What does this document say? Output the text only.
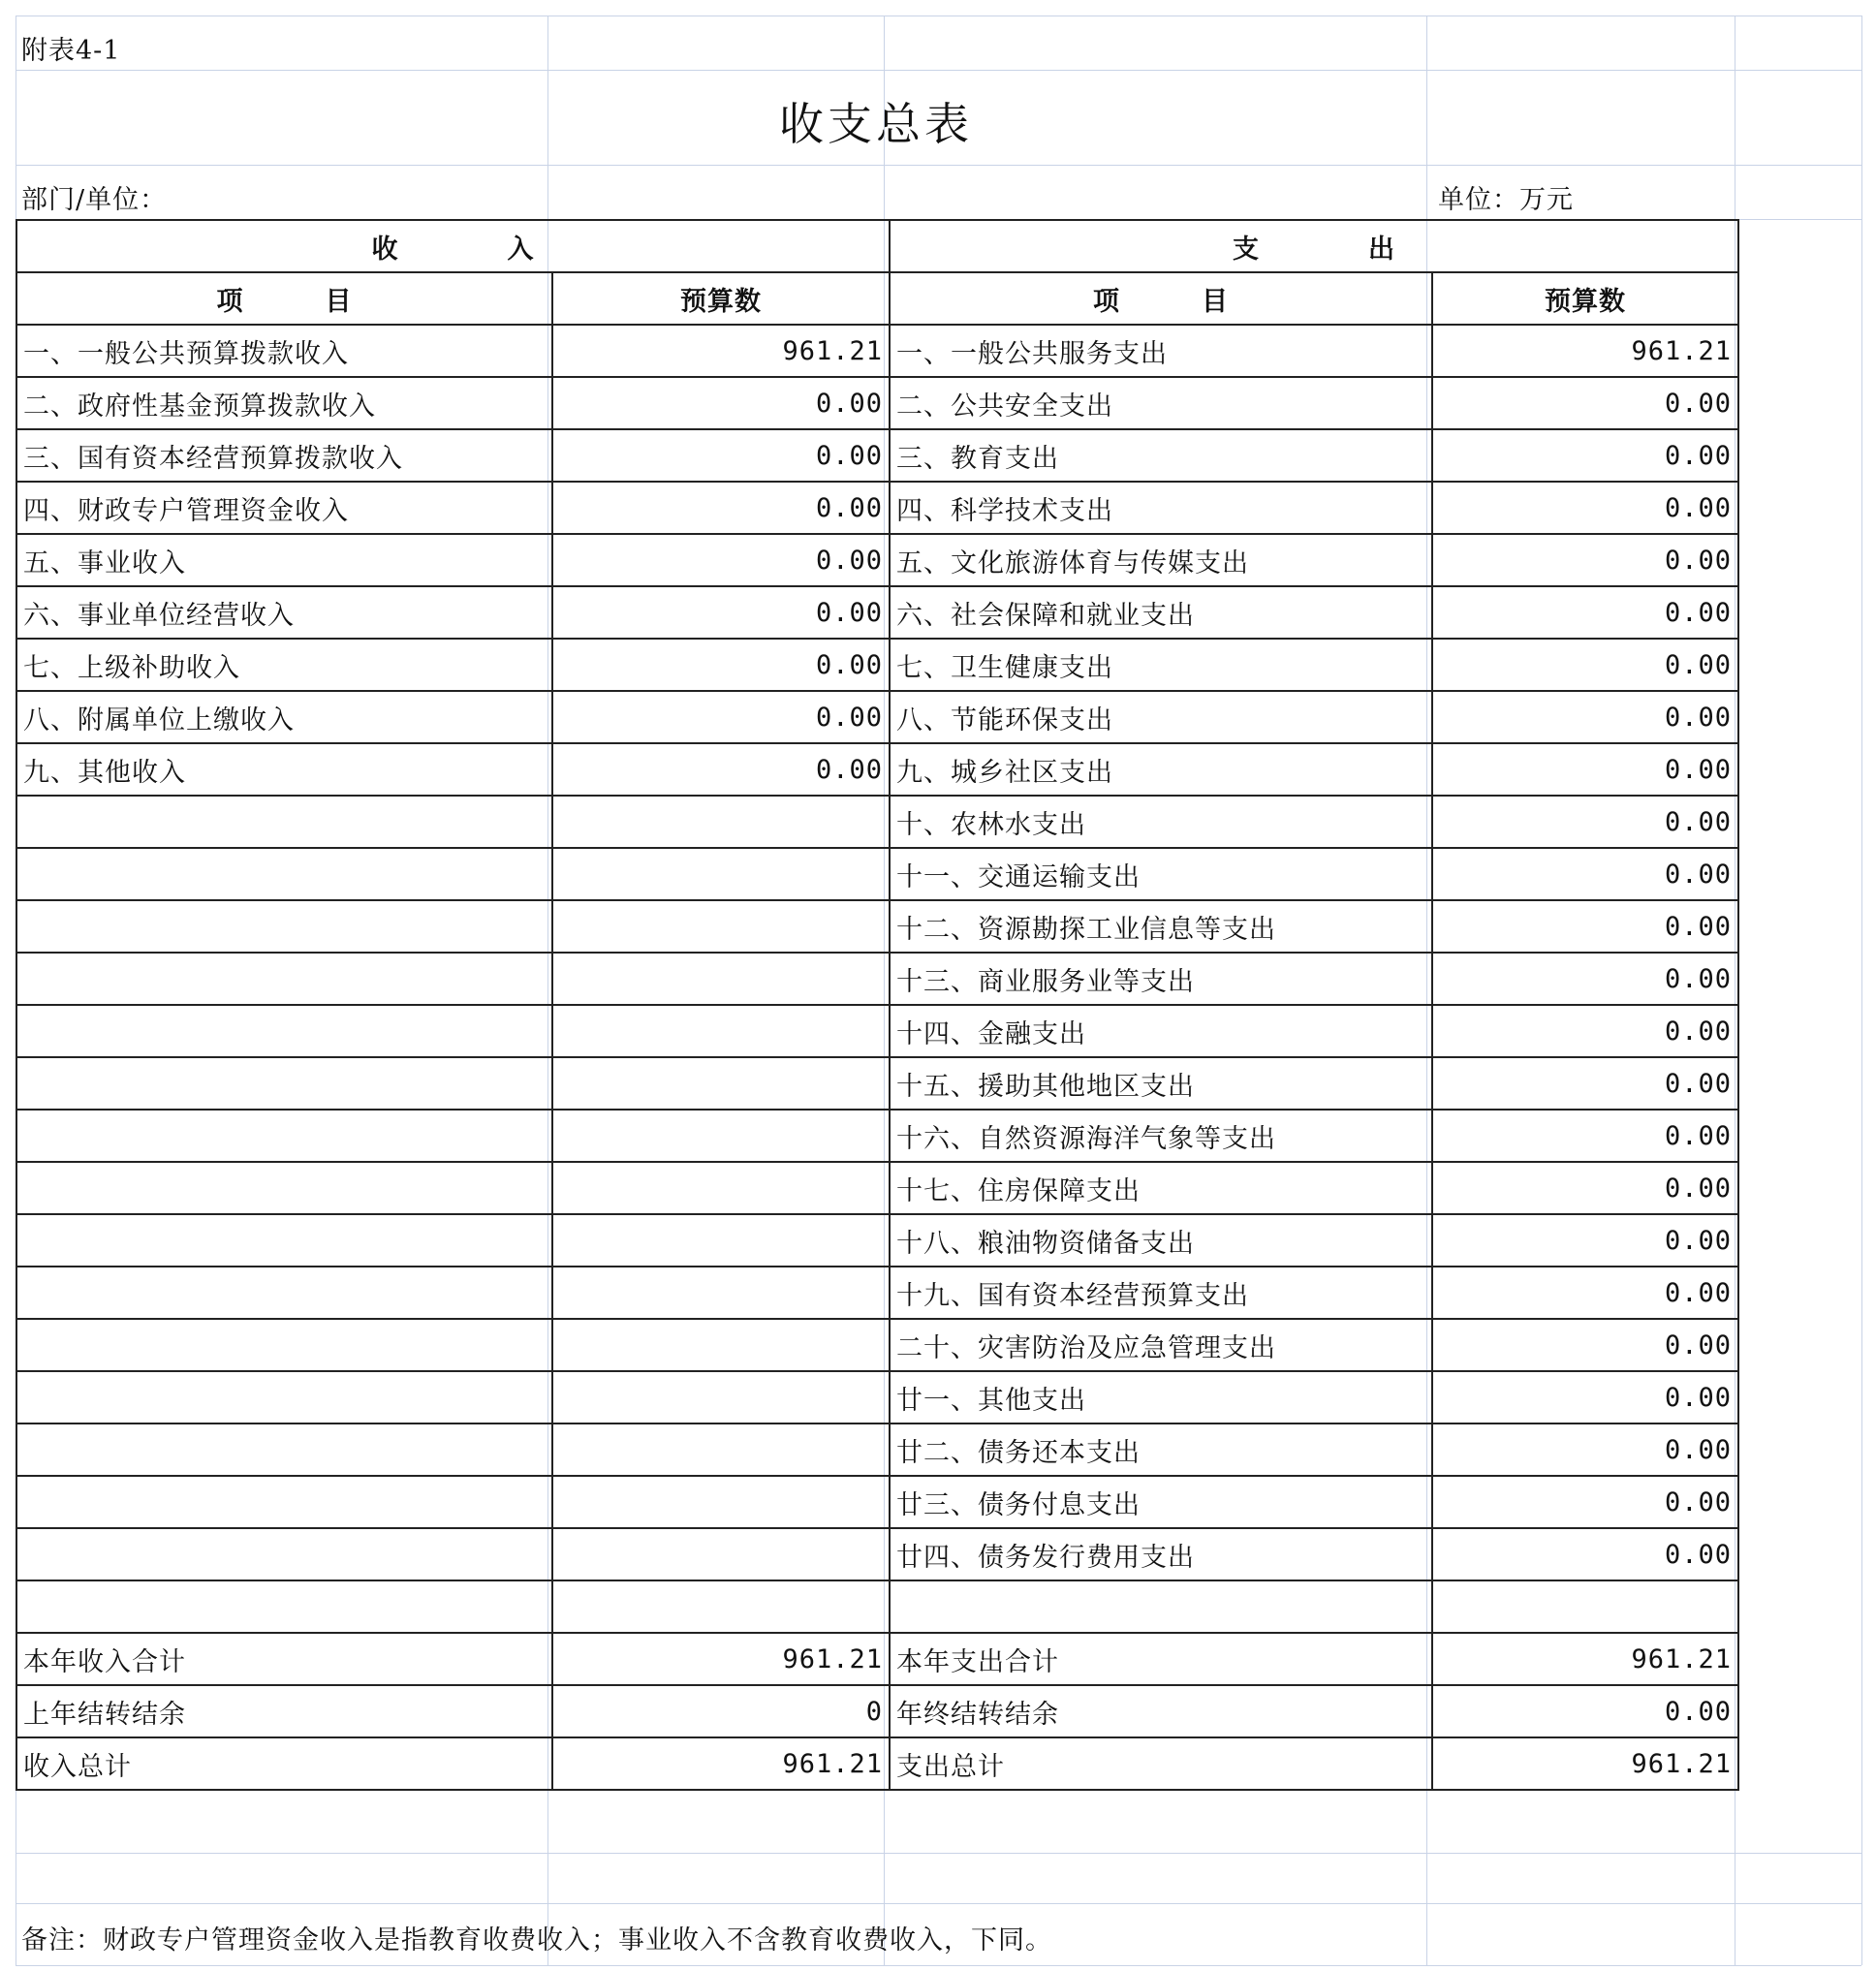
附表4-1
收支总表
部门/单位：	单位：万元
收　　　　入		支　　　　出	
项　　　目	预算数	项　　　目	预算数
一、一般公共预算拨款收入	961.21	一、一般公共服务支出	961.21
二、政府性基金预算拨款收入	0.00	二、公共安全支出	0.00
三、国有资本经营预算拨款收入	0.00	三、教育支出	0.00
四、财政专户管理资金收入	0.00	四、科学技术支出	0.00
五、事业收入	0.00	五、文化旅游体育与传媒支出	0.00
六、事业单位经营收入	0.00	六、社会保障和就业支出	0.00
七、上级补助收入	0.00	七、卫生健康支出	0.00
八、附属单位上缴收入	0.00	八、节能环保支出	0.00
九、其他收入	0.00	九、城乡社区支出	0.00
		十、农林水支出	0.00
		十一、交通运输支出	0.00
		十二、资源勘探工业信息等支出	0.00
		十三、商业服务业等支出	0.00
		十四、金融支出	0.00
		十五、援助其他地区支出	0.00
		十六、自然资源海洋气象等支出	0.00
		十七、住房保障支出	0.00
		十八、粮油物资储备支出	0.00
		十九、国有资本经营预算支出	0.00
		二十、灾害防治及应急管理支出	0.00
		廿一、其他支出	0.00
		廿二、债务还本支出	0.00
		廿三、债务付息支出	0.00
		廿四、债务发行费用支出	0.00

本年收入合计	961.21	本年支出合计	961.21
上年结转结余	0	年终结转结余	0.00
收入总计	961.21	支出总计	961.21
备注：财政专户管理资金收入是指教育收费收入；事业收入不含教育收费收入，下同。
